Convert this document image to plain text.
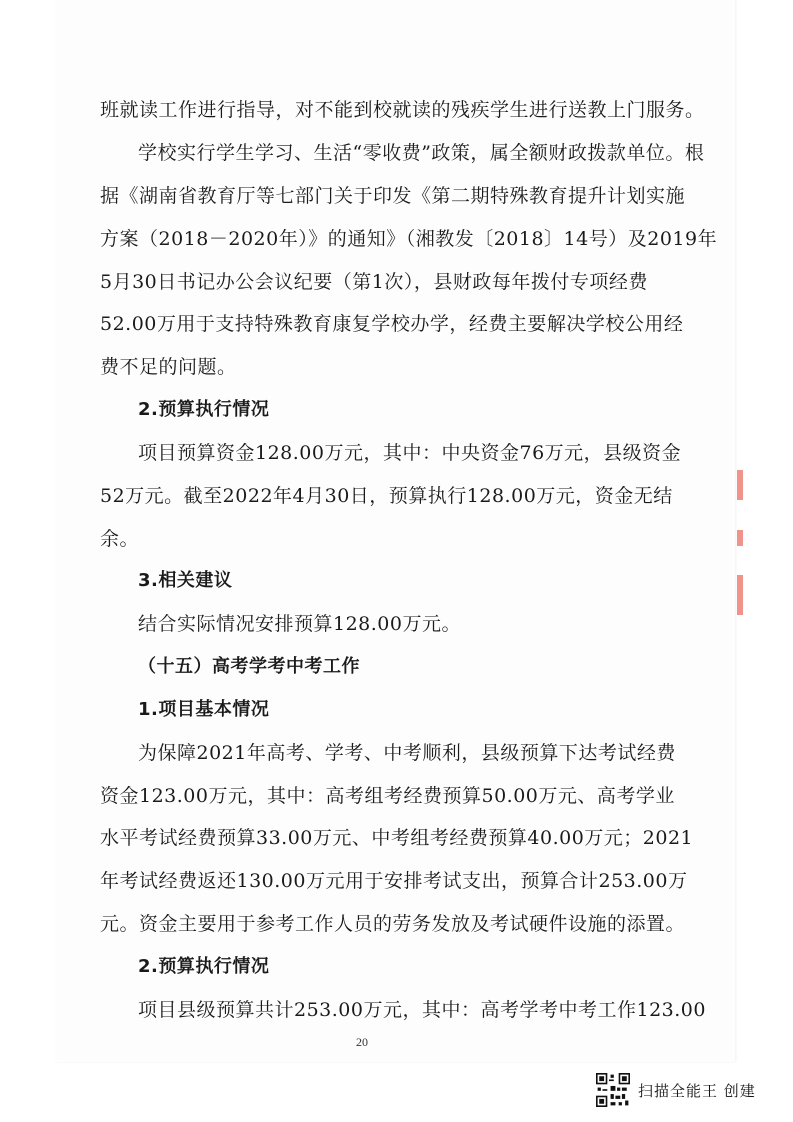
班就读工作进行指导，对不能到校就读的残疾学生进行送教上门服务。
学校实行学生学习、生活“零收费”政策，属全额财政拨款单位。根
据《湖南省教育厅等七部门关于印发《第二期特殊教育提升计划实施
方案（2018－2020年）》的通知》（湘教发〔2018〕14号）及2019年
5月30日书记办公会议纪要（第1次），县财政每年拨付专项经费
52.00万用于支持特殊教育康复学校办学，经费主要解决学校公用经
费不足的问题。
2.预算执行情况
项目预算资金128.00万元，其中：中央资金76万元，县级资金
52万元。截至2022年4月30日，预算执行128.00万元，资金无结
余。
3.相关建议
结合实际情况安排预算128.00万元。
（十五）高考学考中考工作
1.项目基本情况
为保障2021年高考、学考、中考顺利，县级预算下达考试经费
资金123.00万元，其中：高考组考经费预算50.00万元、高考学业
水平考试经费预算33.00万元、中考组考经费预算40.00万元；2021
年考试经费返还130.00万元用于安排考试支出，预算合计253.00万
元。资金主要用于参考工作人员的劳务发放及考试硬件设施的添置。
2.预算执行情况
项目县级预算共计253.00万元，其中：高考学考中考工作123.00
20
扫描全能王 创建
